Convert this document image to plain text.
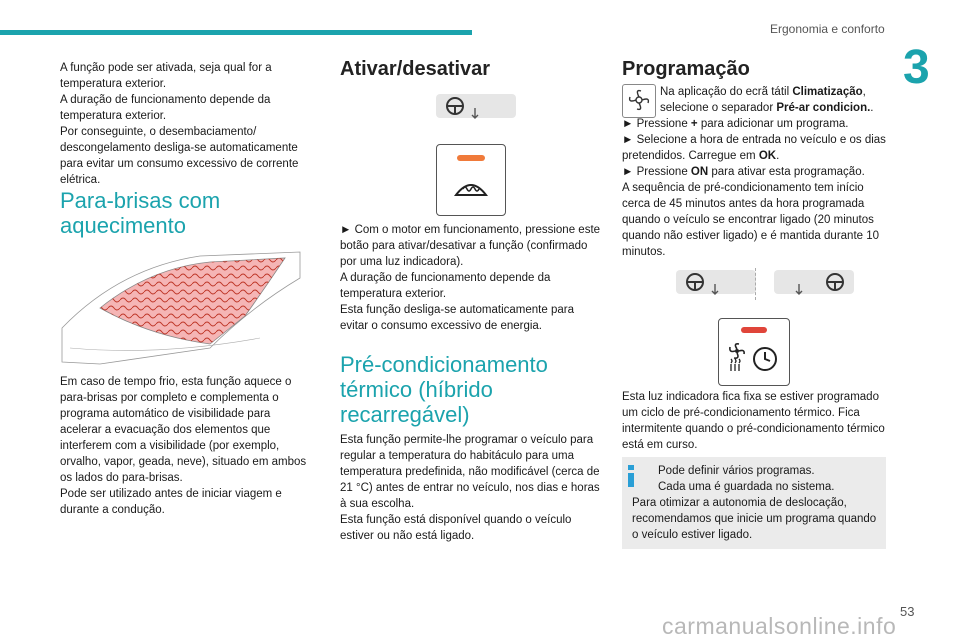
Ergonomia e conforto
3

A função pode ser ativada, seja qual for a temperatura exterior.

A duração de funcionamento depende da temperatura exterior.

Por conseguinte, o desembaciamento/ descongelamento desliga-se automaticamente para evitar um consumo excessivo de corrente elétrica.

Para-brisas com aquecimento

Em caso de tempo frio, esta função aquece o para-brisas por completo e complementa o programa automático de visibilidade para acelerar a evacuação dos elementos que interferem com a visibilidade (por exemplo, orvalho, vapor, geada, neve), situado em ambos os lados do para-brisas.

Pode ser utilizado antes de iniciar viagem e durante a condução.

Ativar/desativar

► Com o motor em funcionamento, pressione este botão para ativar/desativar a função (confirmado por uma luz indicadora).

A duração de funcionamento depende da temperatura exterior.

Esta função desliga-se automaticamente para evitar o consumo excessivo de energia.

Pré-condicionamento térmico (híbrido recarregável)

Esta função permite-lhe programar o veículo para regular a temperatura do habitáculo para uma temperatura predefinida, não modificável (cerca de 21 °C) antes de entrar no veículo, nos dias e horas à sua escolha.

Esta função está disponível quando o veículo estiver ou não está ligado.

Programação

Na aplicação do ecrã tátil Climatização,

selecione o separador Pré-ar condicion..

► Pressione + para adicionar um programa.

► Selecione a hora de entrada no veículo e os dias pretendidos. Carregue em OK.

► Pressione ON para ativar esta programação.

A sequência de pré-condicionamento tem início cerca de 45 minutos antes da hora programada quando o veículo se encontrar ligado (20 minutos quando não estiver ligado) e é mantida durante 10 minutos.

Esta luz indicadora fica fixa se estiver programado um ciclo de pré-condicionamento térmico. Fica intermitente quando o pré-condicionamento térmico está em curso.

Pode definir vários programas.

Cada uma é guardada no sistema.

Para otimizar a autonomia de deslocação, recomendamos que inicie um programa quando o veículo estiver ligado.

53
carmanualsonline.info
